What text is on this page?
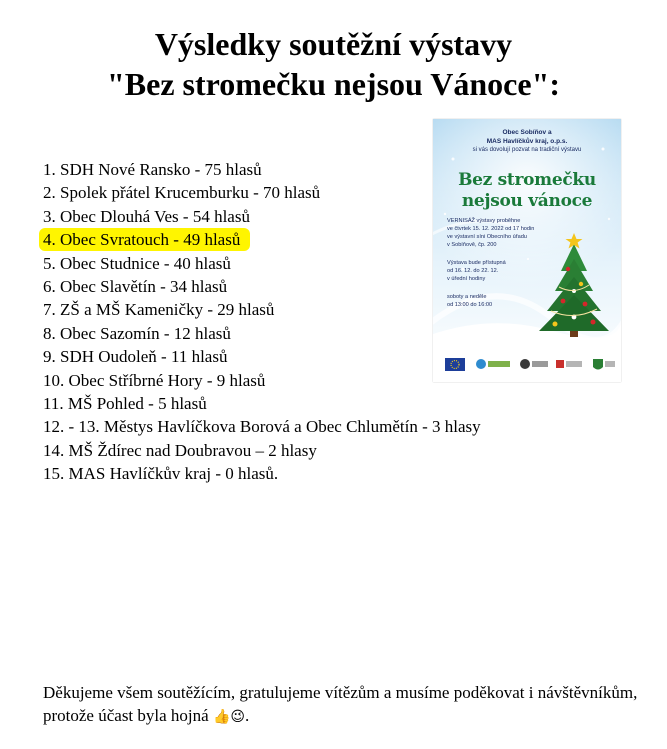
Výsledky soutěžní výstavy
"Bez stromečku nejsou Vánoce":
1. SDH Nové Ransko - 75 hlasů
2. Spolek přátel Krucemburku - 70 hlasů
3. Obec Dlouhá Ves - 54 hlasů
4. Obec Svratouch - 49 hlasů
5. Obec Studnice - 40 hlasů
6. Obec Slavětín - 34 hlasů
7. ZŠ a MŠ Kameničky - 29 hlasů
8. Obec Sazomín - 12 hlasů
9. SDH Oudoleň - 11 hlasů
10. Obec Stříbrné Hory - 9 hlasů
11. MŠ Pohled - 5 hlasů
12. - 13. Městys Havlíčkova Borová a Obec Chlumětín - 3 hlasy
14. MŠ Ždírec nad Doubravou – 2 hlasy
15. MAS Havlíčkův kraj - 0 hlasů.
Obec Sobíňov a
MAS Havlíčkův kraj, o.p.s.
si vás dovolují pozvat na tradiční výstavu
Bez stromečku
nejsou vánoce
VERNISÁŽ výstavy proběhne
ve čtvrtek 15. 12. 2022 od 17 hodin
ve výstavní síni Obecního úřadu
v Sobíňově, čp. 200
Výstava bude přístupná
od 16. 12. do 22. 12.
v úřední hodiny
soboty a neděle
od 13:00 do 16:00
Děkujeme všem soutěžícím, gratulujeme vítězům a musíme poděkovat i návštěvníkům, protože účast byla hojná 👍😉.
